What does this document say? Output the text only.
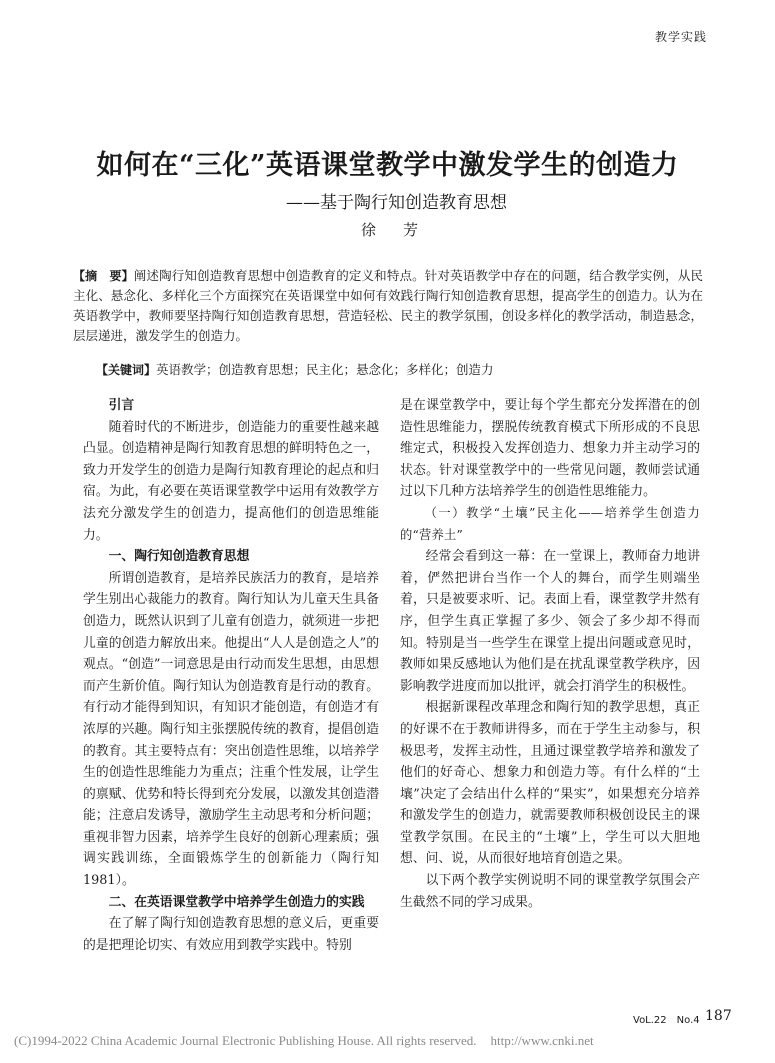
教学实践
如何在“三化”英语课堂教学中激发学生的创造力
——基于陶行知创造教育思想
徐　芳
【摘　要】阐述陶行知创造教育思想中创造教育的定义和特点。针对英语教学中存在的问题，结合教学实例，从民主化、悬念化、多样化三个方面探究在英语课堂中如何有效践行陶行知创造教育思想，提高学生的创造力。认为在英语教学中，教师要坚持陶行知创造教育思想，营造轻松、民主的教学氛围，创设多样化的教学活动，制造悬念，层层递进，激发学生的创造力。
【关键词】英语教学；创造教育思想；民主化；悬念化；多样化；创造力
引言

随着时代的不断进步，创造能力的重要性越来越凸显。创造精神是陶行知教育思想的鲜明特色之一，致力开发学生的创造力是陶行知教育理论的起点和归宿。为此，有必要在英语课堂教学中运用有效教学方法充分激发学生的创造力，提高他们的创造思维能力。

一、陶行知创造教育思想

所谓创造教育，是培养民族活力的教育，是培养学生别出心裁能力的教育。陶行知认为儿童天生具备创造力，既然认识到了儿童有创造力，就须进一步把儿童的创造力解放出来。他提出“人人是创造之人”的观点。“创造”一词意思是由行动而发生思想，由思想而产生新价值。陶行知认为创造教育是行动的教育。有行动才能得到知识，有知识才能创造，有创造才有浓厚的兴趣。陶行知主张摆脱传统的教育，提倡创造的教育。其主要特点有：突出创造性思维，以培养学生的创造性思维能力为重点；注重个性发展，让学生的禀赋、优势和特长得到充分发展，以激发其创造潜能；注意启发诱导，激励学生主动思考和分析问题；重视非智力因素，培养学生良好的创新心理素质；强调实践训练，全面锻炼学生的创新能力（陶行知　1981）。

二、在英语课堂教学中培养学生创造力的实践

在了解了陶行知创造教育思想的意义后，更重要的是把理论切实、有效应用到教学实践中。特别

是在课堂教学中，要让每个学生都充分发挥潜在的创造性思维能力，摆脱传统教育模式下所形成的不良思维定式，积极投入发挥创造力、想象力并主动学习的状态。针对课堂教学中的一些常见问题，教师尝试通过以下几种方法培养学生的创造性思维能力。

（一）教学“土壤”民主化——培养学生创造力的“营养土”

经常会看到这一幕：在一堂课上，教师奋力地讲着，俨然把讲台当作一个人的舞台，而学生则端坐着，只是被要求听、记。表面上看，课堂教学井然有序，但学生真正掌握了多少、领会了多少却不得而知。特别是当一些学生在课堂上提出问题或意见时，教师如果反感地认为他们是在扰乱课堂教学秩序，因影响教学进度而加以批评，就会打消学生的积极性。

根据新课程改革理念和陶行知的教学思想，真正的好课不在于教师讲得多，而在于学生主动参与，积极思考，发挥主动性，且通过课堂教学培养和激发了他们的好奇心、想象力和创造力等。有什么样的“土壤”决定了会结出什么样的“果实”，如果想充分培养和激发学生的创造力，就需要教师积极创设民主的课堂教学氛围。在民主的“土壤”上，学生可以大胆地想、问、说，从而很好地培育创造之果。

以下两个教学实例说明不同的课堂教学氛围会产生截然不同的学习成果。

VoL.22　No.4 187
(C)1994-2022 China Academic Journal Electronic Publishing House. All rights reserved. http://www.cnki.net
